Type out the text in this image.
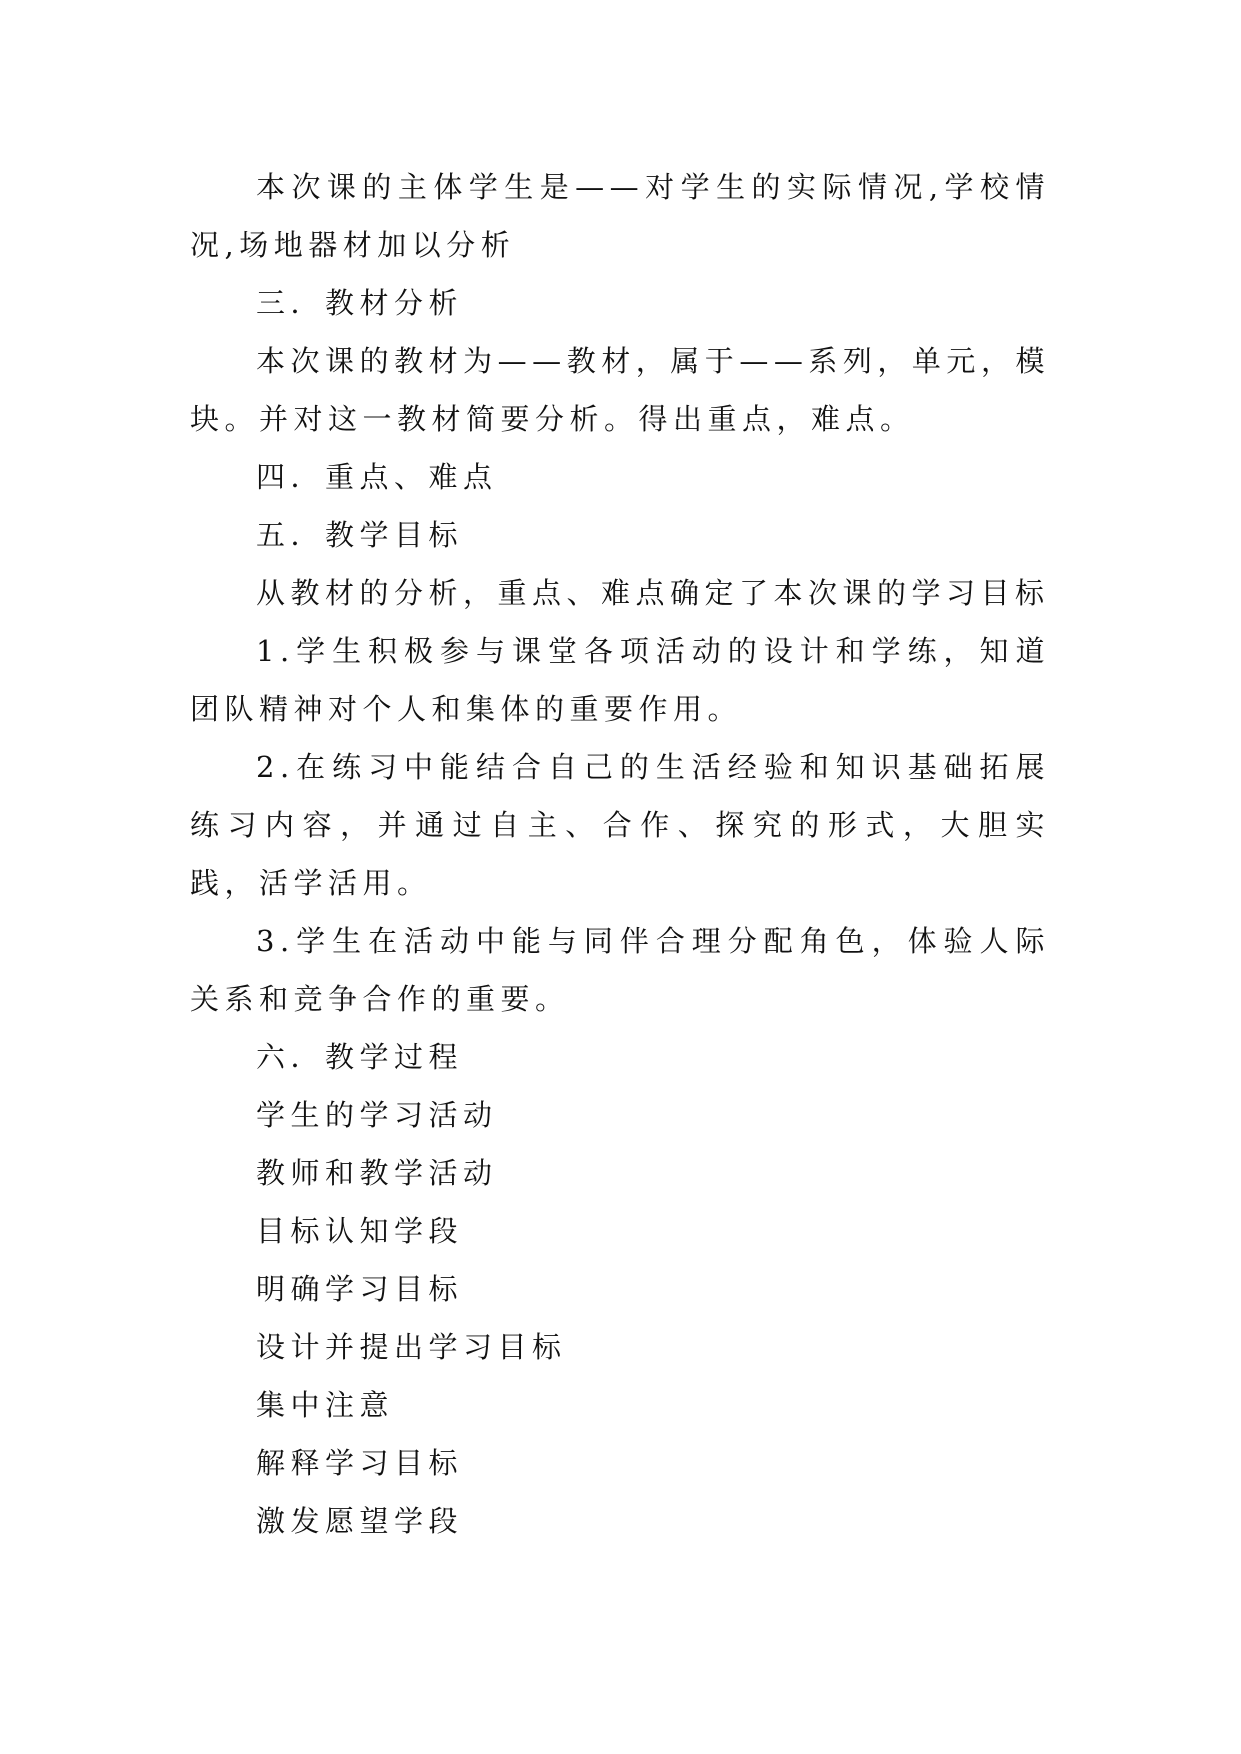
本次课的主体学生是——对学生的实际情况,学校情况,场地器材加以分析

三．教材分析

本次课的教材为——教材，属于——系列，单元，模块。并对这一教材简要分析。得出重点，难点。

四．重点、难点

五．教学目标

从教材的分析，重点、难点确定了本次课的学习目标

1.学生积极参与课堂各项活动的设计和学练，知道团队精神对个人和集体的重要作用。

2.在练习中能结合自己的生活经验和知识基础拓展练习内容，并通过自主、合作、探究的形式，大胆实践，活学活用。

3.学生在活动中能与同伴合理分配角色，体验人际关系和竞争合作的重要。

六．教学过程

学生的学习活动

教师和教学活动

目标认知学段

明确学习目标

设计并提出学习目标

集中注意

解释学习目标

激发愿望学段
